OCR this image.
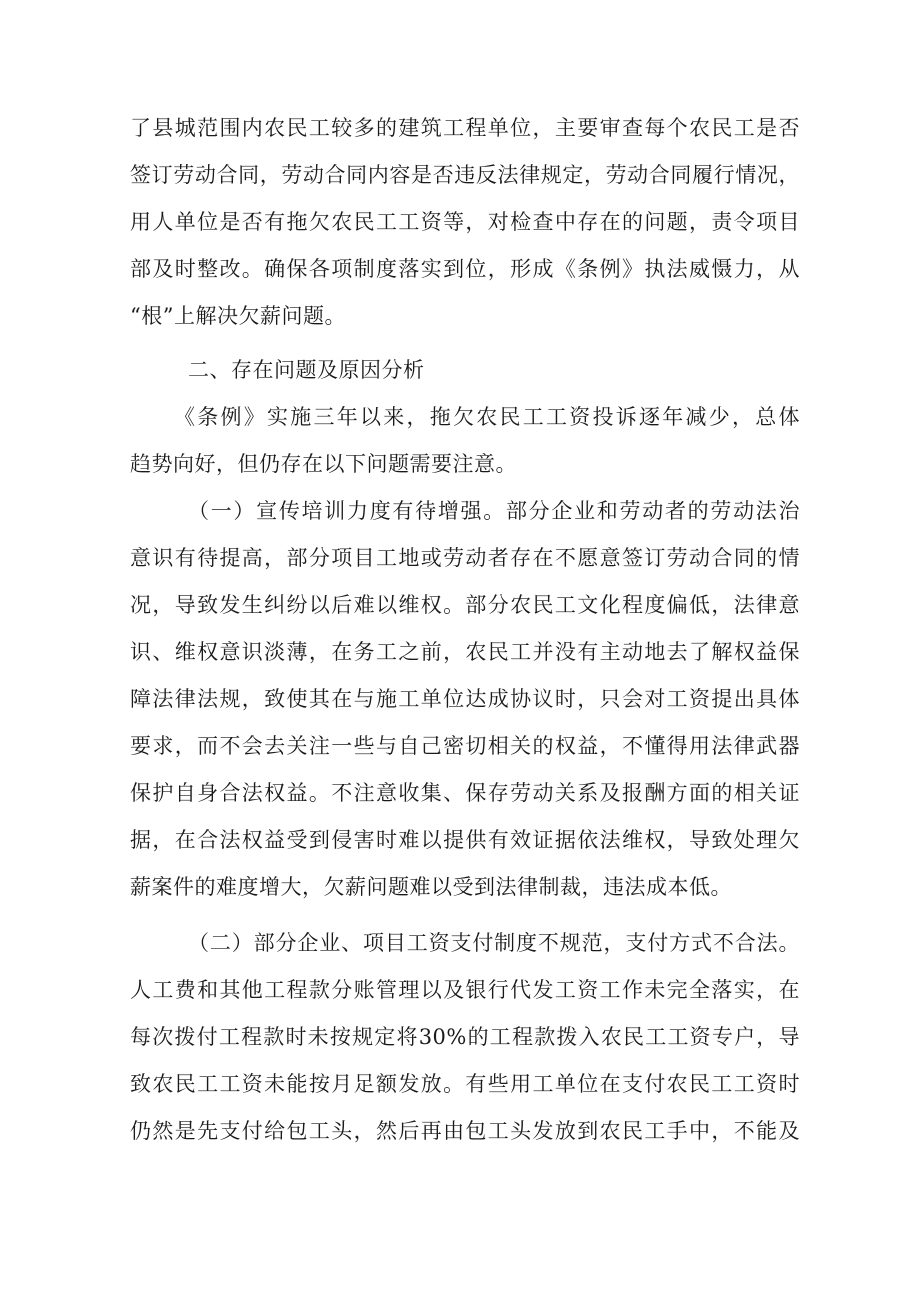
了县城范围内农民工较多的建筑工程单位，主要审查每个农民工是否
签订劳动合同，劳动合同内容是否违反法律规定，劳动合同履行情况，
用人单位是否有拖欠农民工工资等，对检查中存在的问题，责令项目
部及时整改。确保各项制度落实到位，形成《条例》执法威慑力，从
“根”上解决欠薪问题。
二、存在问题及原因分析
《条例》实施三年以来，拖欠农民工工资投诉逐年减少，总体
趋势向好，但仍存在以下问题需要注意。
（一）宣传培训力度有待增强。部分企业和劳动者的劳动法治
意识有待提高，部分项目工地或劳动者存在不愿意签订劳动合同的情
况，导致发生纠纷以后难以维权。部分农民工文化程度偏低，法律意
识、维权意识淡薄，在务工之前，农民工并没有主动地去了解权益保
障法律法规，致使其在与施工单位达成协议时，只会对工资提出具体
要求，而不会去关注一些与自己密切相关的权益，不懂得用法律武器
保护自身合法权益。不注意收集、保存劳动关系及报酬方面的相关证
据，在合法权益受到侵害时难以提供有效证据依法维权，导致处理欠
薪案件的难度增大，欠薪问题难以受到法律制裁，违法成本低。
（二）部分企业、项目工资支付制度不规范，支付方式不合法。
人工费和其他工程款分账管理以及银行代发工资工作未完全落实，在
每次拨付工程款时未按规定将30%的工程款拨入农民工工资专户，导
致农民工工资未能按月足额发放。有些用工单位在支付农民工工资时
仍然是先支付给包工头，然后再由包工头发放到农民工手中，不能及
